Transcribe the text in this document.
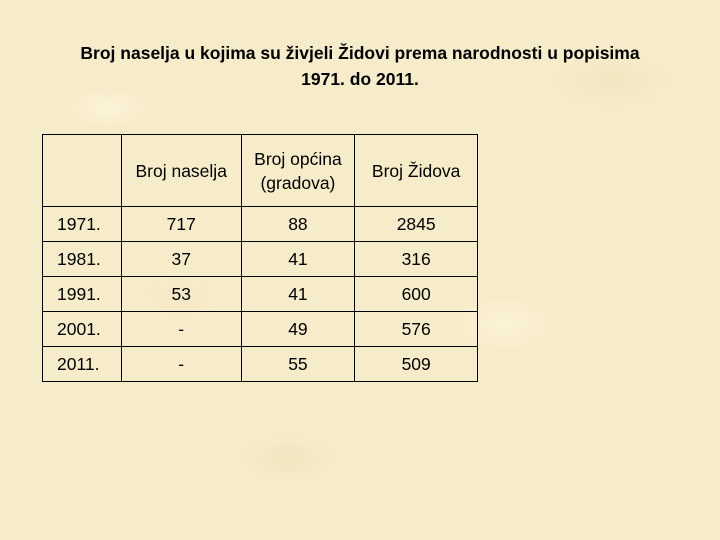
Broj naselja u kojima su živjeli Židovi prema narodnosti u popisima
1971. do 2011.
	Broj naselja	Broj općina (gradova)	Broj Židova
1971.	717	88	2845
1981.	37	41	316
1991.	53	41	600
2001.	-	49	576
2011.	-	55	509
